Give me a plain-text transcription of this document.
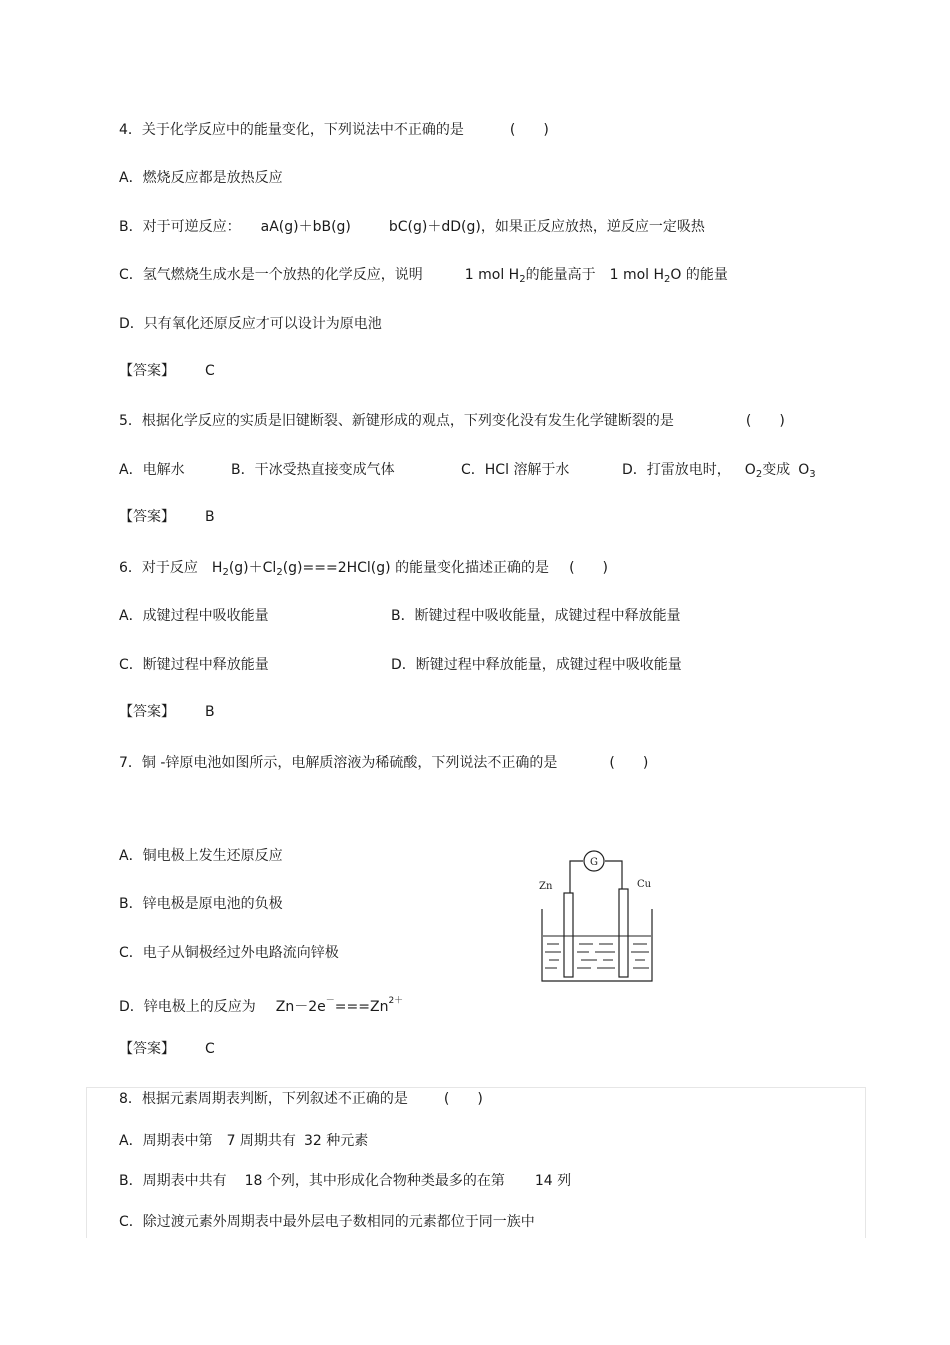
4．关于化学反应中的能量变化，下列说法中不正确的是	(　　)
A．燃烧反应都是放热反应
B．对于可逆反应： aA(g)＋bB(g)	bC(g)＋dD(g)，如果正反应放热，逆反应一定吸热
C．氢气燃烧生成水是一个放热的化学反应，说明	1 mol $H_2$的能量高于 1 mol $H_2O$ 的能量
D．只有氧化还原反应才可以设计为原电池
【答案】 C
5．根据化学反应的实质是旧键断裂、新键形成的观点，下列变化没有发生化学键断裂的是	(　　)
A．电解水	B．干冰受热直接变成气体	C．HCl 溶解于水	D．打雷放电时， $O_2$变成 $O_3$
【答案】 B
6．对于反应 $H_2(g)+Cl_2(g)===2HCl(g)$ 的能量变化描述正确的是 (　　)
A．成键过程中吸收能量	B．断键过程中吸收能量，成键过程中释放能量
C．断键过程中释放能量	D．断键过程中释放能量，成键过程中吸收能量
【答案】 B
7．铜 -锌原电池如图所示，电解质溶液为稀硫酸，下列说法不正确的是	(　　)
A．铜电极上发生还原反应
B．锌电极是原电池的负极
C．电子从铜极经过外电路流向锌极
D．锌电极上的反应为 $Zn-2e^-===Zn^{2+}$
【答案】 C
G
Zn	Cu
8．根据元素周期表判断，下列叙述不正确的是	(　　)
A．周期表中第 7 周期共有 32 种元素
B．周期表中共有 18 个列，其中形成化合物种类最多的在第 14 列
C．除过渡元素外周期表中最外层电子数相同的元素都位于同一族中
